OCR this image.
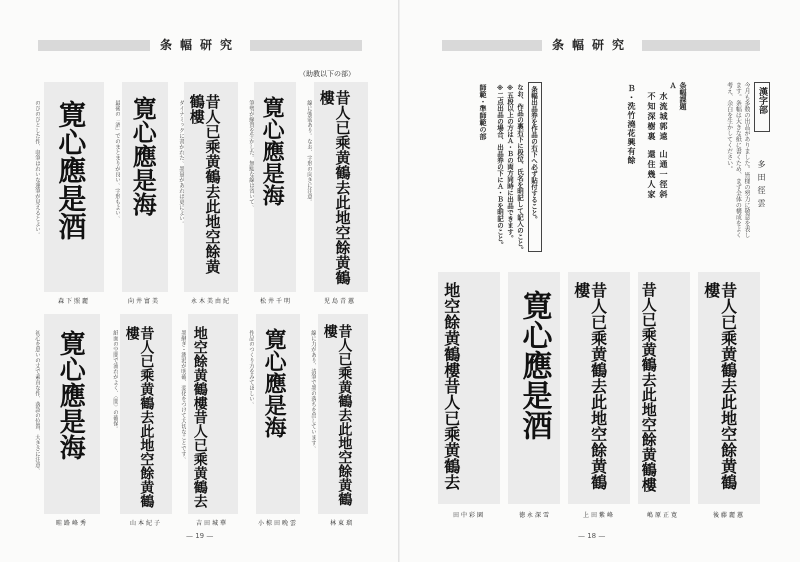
条幅研究
（助教以下の部）
のびのびとした作、収筆はれいな運筆が見えるとよい。 寛心應是酒
森下照麗
最後の「酒」でのまとまりが良い。字形もよい。 寛心應是海
向井富美
ダイナミックに書かれた。墨量があれば更によい。	昔人已乘黄鶴去此地空餘黄鶴樓
永木美由紀
筆勢が線質を生かした。無駄な線は省いて。 寛心應是海
松井千明
線に強弱あり。なお、字形の向きに注意。	昔人已乘黄鶴去此地空餘黄鶴樓
児島青蕙
初心を思いの丈で素直な作、落款の位置、大きさに注意。 寛心應是海
畦路峰秀
紙面の空間で流れがよく、〈間〉の確保。	昔人已乘黄鶴去此地空餘黄鶴樓
山本紀子
墨継ぎ・潤渇が明確、変化をつけて大切なことです。 地空餘黄鶴樓昔人已乘黄鶴去
吉田城華
作品のつくり方をみてほしい。 寛心應是海
小椋田晩雲
線に力があり、清筆で墨の落ちを出しています。	昔人已乘黄鶴去此地空餘黄鶴樓
林東瑠
— 19 —
条幅研究
漢字部
多田徑雲
今月も多数の出品がありました。皆様の努力に敬意を表します。条幅は大きな紙に書くため、まず全体の構成をよく考え、余白を生かしてください。
条幅課題
Ａ
水流城郭遠
不知深樹裏
山通一徑斜
還住幾人家
Ｂ・洗竹澆花興有餘
条幅出品券を作品の右下へ必ず貼付すること。
なお、作品の裏右下に段位、氏名を明記して記入のこと。
※五段以上の方はＡ・Ｂの両方同時に出品できます。
※二点出品の場合、出品券の下にＡ・Ｂを明記のこと。
師範・準師範の部
地空餘黄鶴樓昔人已乘黄鶴去
田中彩園
寛心應是酒
徳永深雪
昔人已乘黄鶴去此地空餘黄鶴樓
上田紫峰
昔人已乘黄鶴去此地空餘黄鶴樓
嶋原正寛
昔人已乘黄鶴去此地空餘黄鶴樓
後藤麗蕙
— 18 —
